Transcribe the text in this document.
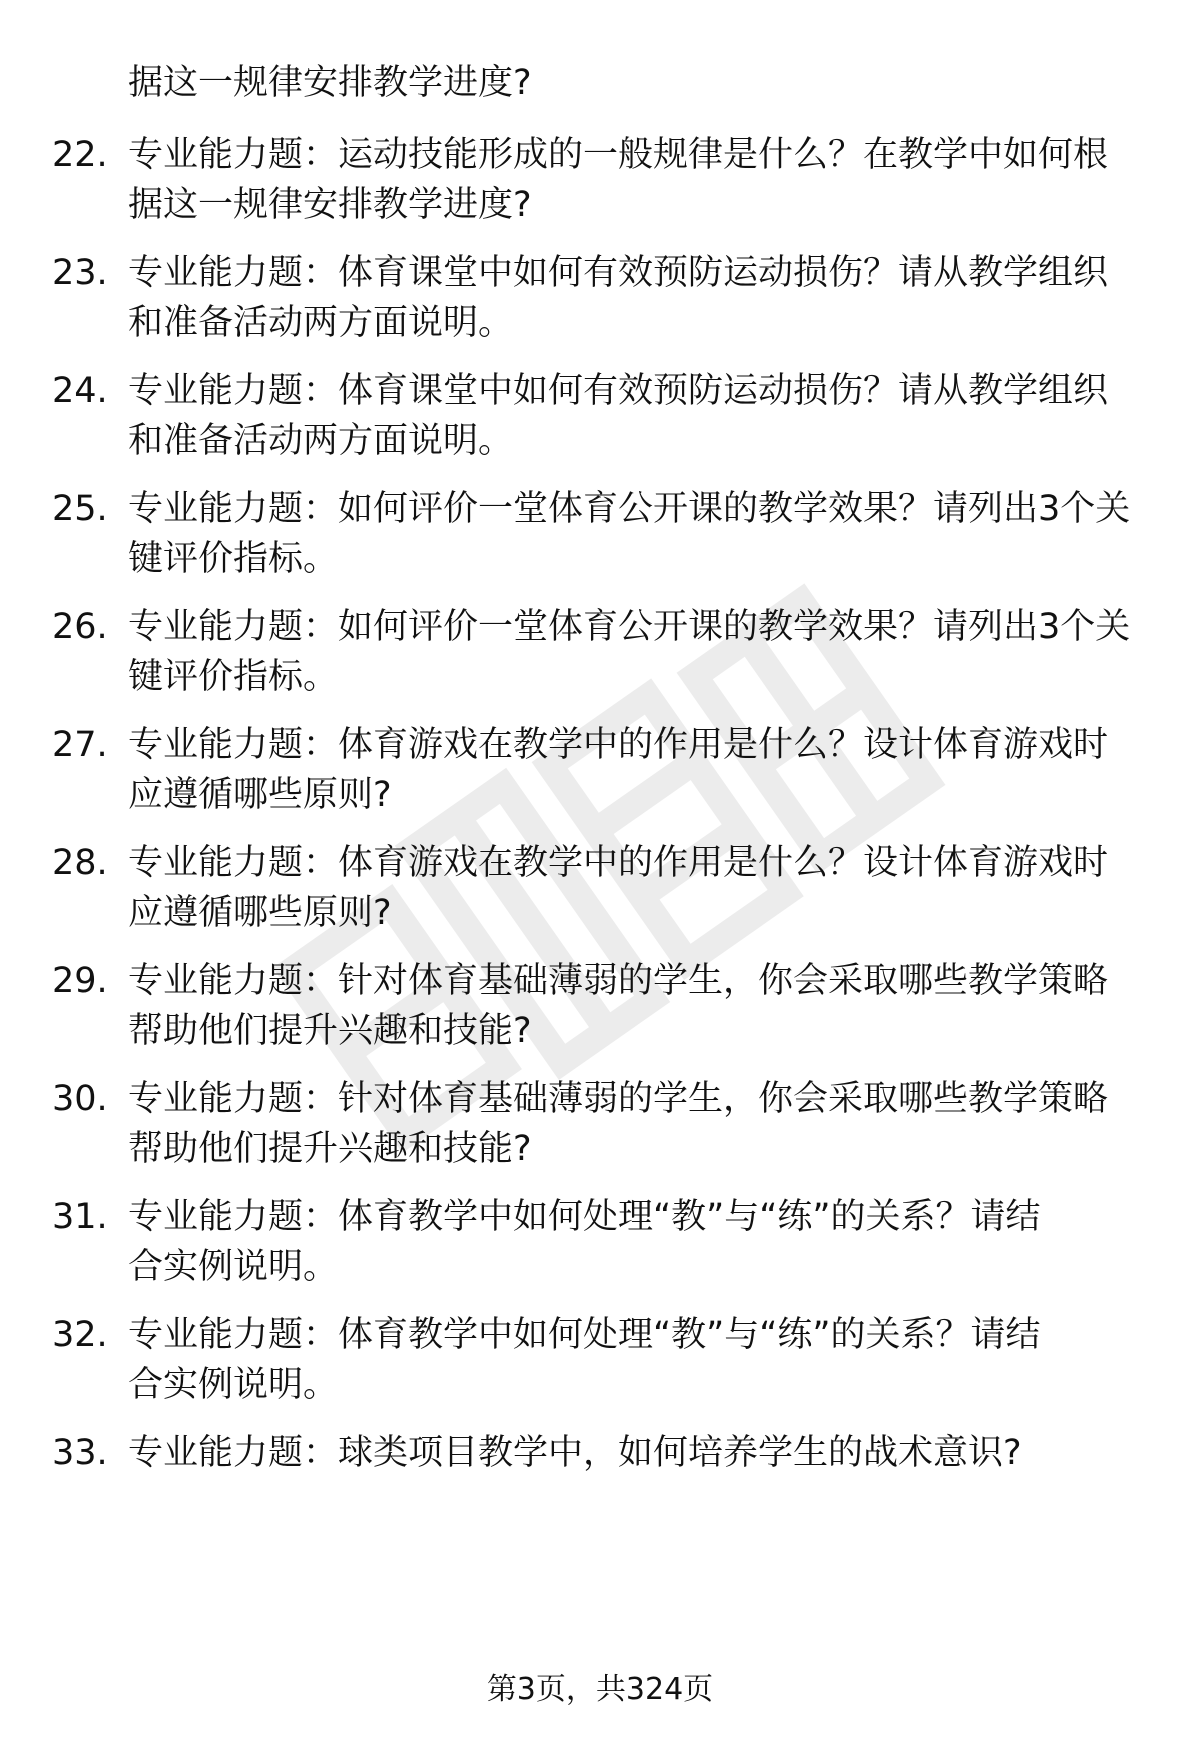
据这一规律安排教学进度?
22. 专业能力题：运动技能形成的一般规律是什么？在教学中如何根
据这一规律安排教学进度?
23. 专业能力题：体育课堂中如何有效预防运动损伤？请从教学组织
和准备活动两方面说明。
24. 专业能力题：体育课堂中如何有效预防运动损伤？请从教学组织
和准备活动两方面说明。
25. 专业能力题：如何评价一堂体育公开课的教学效果？请列出3个关
键评价指标。
26. 专业能力题：如何评价一堂体育公开课的教学效果？请列出3个关
键评价指标。
27. 专业能力题：体育游戏在教学中的作用是什么？设计体育游戏时
应遵循哪些原则?
28. 专业能力题：体育游戏在教学中的作用是什么？设计体育游戏时
应遵循哪些原则?
29. 专业能力题：针对体育基础薄弱的学生，你会采取哪些教学策略
帮助他们提升兴趣和技能?
30. 专业能力题：针对体育基础薄弱的学生，你会采取哪些教学策略
帮助他们提升兴趣和技能?
31. 专业能力题：体育教学中如何处理“教”与“练”的关系？请结
合实例说明。
32. 专业能力题：体育教学中如何处理“教”与“练”的关系？请结
合实例说明。
33. 专业能力题：球类项目教学中，如何培养学生的战术意识?
第3页，共324页
